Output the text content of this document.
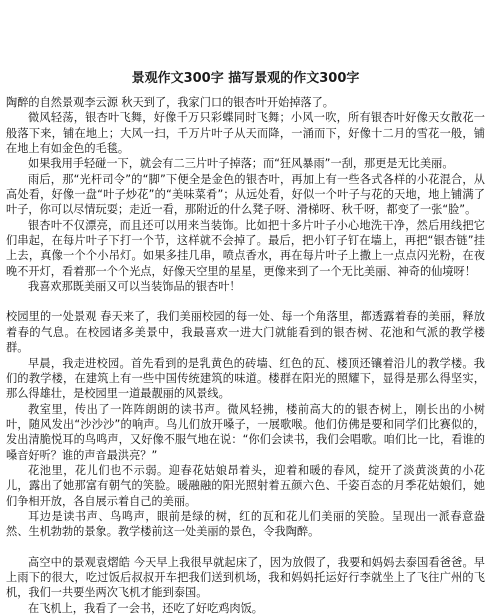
景观作文300字 描写景观的作文300字

陶醉的自然景观李云源 秋天到了，我家门口的银杏叶开始掉落了。

微风轻荡，银杏叶飞舞，好像千万只彩蝶同时飞舞；小风一吹，所有银杏叶好像天女散花一般落下来，铺在地上；大风一扫，千万片叶子从天而降，一涌而下，好像十二月的雪花一般，铺在地上有如金色的毛毯。

如果我用手轻碰一下，就会有二三片叶子掉落；而“狂风暴雨”一刮，那更是无比美丽。

雨后，那“光杆司令”的“脚”下便全是金色的银杏叶，再加上有一些各式各样的小花混合，从高处看，好像一盘“叶子炒花”的“美味菜肴”；从远处看，好似一个叶子与花的天地，地上铺满了叶子，你可以尽情玩耍；走近一看，那附近的什么凳子呀、滑梯呀、秋千呀，都变了一张“脸”。

银杏叶不仅漂亮，而且还可以用来当装饰。比如把十多片叶子小心地洗干净，然后用线把它们串起，在每片叶子下打一个节，这样就不会掉了。最后，把小钉子钉在墙上，再把“银杏链”挂上去，真像一个个小吊灯。如果多挂几串，喷点香水，再在每片叶子上撒上一点点闪光粉，在夜晚不开灯，看着那一个个光点，好像天空里的星星，更像来到了一个无比美丽、神奇的仙境呀！

我喜欢那既美丽又可以当装饰品的银杏叶！

校园里的一处景观 春天来了，我们美丽校园的每一处、每一个角落里，都透露着春的美丽，释放着春的气息。在校园诸多美景中，我最喜欢一进大门就能看到的银杏树、花池和气派的教学楼群。

早晨，我走进校园。首先看到的是乳黄色的砖墙、红色的瓦、楼顶还镶着沿儿的教学楼。我们的教学楼，在建筑上有一些中国传统建筑的味道。楼群在阳光的照耀下，显得是那么得坚实，那么得雄壮，是校园里一道最靓丽的风景线。

教室里，传出了一阵阵朗朗的读书声。微风轻拂，楼前高大的的银杏树上，刚长出的小树叶，随风发出“沙沙沙”的响声。鸟儿们放开嗓子，一展歌喉。他们仿佛是要和同学们比赛似的，发出清脆悦耳的鸟鸣声，又好像不服气地在说：“你们会读书，我们会唱歌。咱们比一比，看谁的嗓音好听？谁的声音最洪亮？”

花池里，花儿们也不示弱。迎春花姑娘昂着头，迎着和暖的春风，绽开了淡黄淡黄的小花儿，露出了她那富有朝气的笑脸。暖融融的阳光照射着五颜六色、千姿百态的月季花姑娘们，她们争相开放，各自展示着自己的美丽。

耳边是读书声、鸟鸣声，眼前是绿的树，红的瓦和花儿们美丽的笑脸。呈现出一派春意盎然、生机勃勃的景象。教学楼前这一处美丽的景色，令我陶醉。

高空中的景观袁熠皓 今天早上我很早就起床了，因为放假了，我要和妈妈去泰国看爸爸。早上雨下的很大，吃过饭后叔叔开车把我们送到机场，我和妈妈托运好行李就坐上了飞往广州的飞机，我们一共要坐两次飞机才能到泰国。

在飞机上，我看了一会书，还吃了好吃鸡肉饭。
